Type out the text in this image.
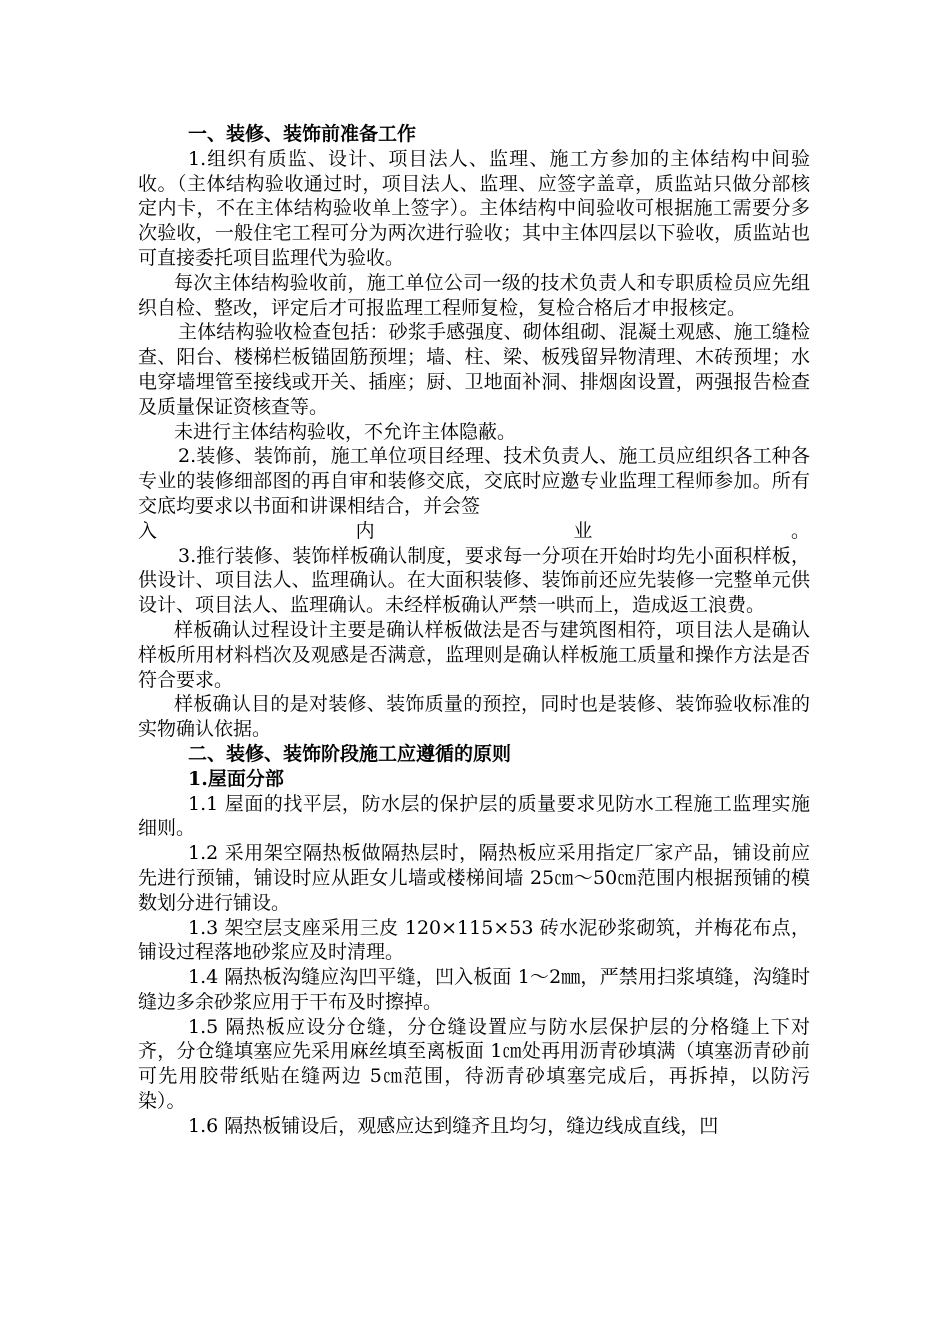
一、装修、装饰前准备工作

1.组织有质监、设计、项目法人、监理、施工方参加的主体结构中间验收。（主体结构验收通过时，项目法人、监理、应签字盖章，质监站只做分部核定内卡，不在主体结构验收单上签字）。主体结构中间验收可根据施工需要分多次验收，一般住宅工程可分为两次进行验收；其中主体四层以下验收，质监站也可直接委托项目监理代为验收。

每次主体结构验收前，施工单位公司一级的技术负责人和专职质检员应先组织自检、整改，评定后才可报监理工程师复检，复检合格后才申报核定。

主体结构验收检查包括：砂浆手感强度、砌体组砌、混凝土观感、施工缝检查、阳台、楼梯栏板锚固筋预埋；墙、柱、梁、板残留异物清理、木砖预埋；水电穿墙埋管至接线或开关、插座；厨、卫地面补洞、排烟囱设置，两强报告检查及质量保证资核查等。

未进行主体结构验收，不允许主体隐蔽。

2.装修、装饰前，施工单位项目经理、技术负责人、施工员应组织各工种各专业的装修细部图的再自审和装修交底，交底时应邀专业监理工程师参加。所有交底均要求以书面和讲课相结合，并会签

入内业。

3.推行装修、装饰样板确认制度，要求每一分项在开始时均先小面积样板，供设计、项目法人、监理确认。在大面积装修、装饰前还应先装修一完整单元供设计、项目法人、监理确认。未经样板确认严禁一哄而上，造成返工浪费。

样板确认过程设计主要是确认样板做法是否与建筑图相符，项目法人是确认样板所用材料档次及观感是否满意，监理则是确认样板施工质量和操作方法是否符合要求。

样板确认目的是对装修、装饰质量的预控，同时也是装修、装饰验收标准的实物确认依据。

二、装修、装饰阶段施工应遵循的原则

1.屋面分部

1.1 屋面的找平层，防水层的保护层的质量要求见防水工程施工监理实施细则。

1.2 采用架空隔热板做隔热层时，隔热板应采用指定厂家产品，铺设前应先进行预铺，铺设时应从距女儿墙或楼梯间墙 25㎝～50㎝范围内根据预铺的模数划分进行铺设。

1.3 架空层支座采用三皮 120×115×53 砖水泥砂浆砌筑，并梅花布点，铺设过程落地砂浆应及时清理。

1.4 隔热板沟缝应沟凹平缝，凹入板面 1～2㎜，严禁用扫浆填缝，沟缝时缝边多余砂浆应用于干布及时擦掉。

1.5 隔热板应设分仓缝，分仓缝设置应与防水层保护层的分格缝上下对齐，分仓缝填塞应先采用麻丝填至离板面 1㎝处再用沥青砂填满（填塞沥青砂前可先用胶带纸贴在缝两边 5㎝范围，待沥青砂填塞完成后，再拆掉，以防污染）。

1.6 隔热板铺设后，观感应达到缝齐且均匀，缝边线成直线，凹
